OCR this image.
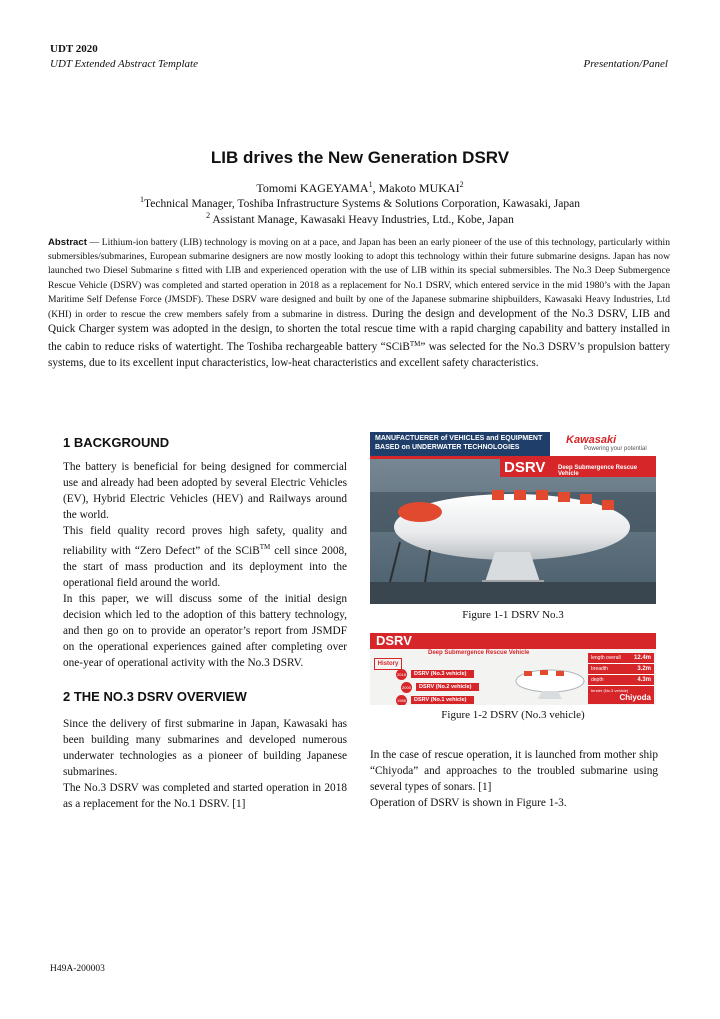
UDT 2020
UDT Extended Abstract Template	Presentation/Panel
LIB drives the New Generation DSRV
Tomomi KAGEYAMA$^1$, Makoto MUKAI$^2$
$^1$Technical Manager, Toshiba Infrastructure Systems & Solutions Corporation, Kawasaki, Japan
$^2$ Assistant Manage, Kawasaki Heavy Industries, Ltd., Kobe, Japan
Abstract — Lithium-ion battery (LIB) technology is moving on at a pace, and Japan has been an early pioneer of the use of this technology, particularly within submersibles/submarines, European submarine designers are now mostly looking to adopt this technology within their future submarine designs. Japan has now launched two Diesel Submarine s fitted with LIB and experienced operation with the use of LIB within its special submersibles. The No.3 Deep Submergence Rescue Vehicle (DSRV) was completed and started operation in 2018 as a replacement for No.1 DSRV, which entered service in the mid 1980’s with the Japan Maritime Self Defense Force (JMSDF). These DSRV ware designed and built by one of the Japanese submarine shipbuilders, Kawasaki Heavy Industries, Ltd (KHI) in order to rescue the crew members safely from a submarine in distress. During the design and development of the No.3 DSRV, LIB and Quick Charger system was adopted in the design, to shorten the total rescue time with a rapid charging capability and battery installed in the cabin to reduce risks of watertight. The Toshiba rechargeable battery “SCiB™” was selected for the No.3 DSRV’s propulsion battery systems, due to its excellent input characteristics, low-heat characteristics and excellent safety characteristics.
1 BACKGROUND

The battery is beneficial for being designed for commercial use and already had been adopted by several Electric Vehicles (EV), Hybrid Electric Vehicles (HEV) and Railways around the world.

This field quality record proves high safety, quality and reliability with “Zero Defect” of the SCiB™ cell since 2008, the start of mass production and its deployment into the operational field around the world.

In this paper, we will discuss some of the initial design decision which led to the adoption of this battery technology, and then go on to provide an operator’s report from JSMDF on the operational experiences gained after completing over one-year of operational activity with the No.3 DSRV.

2 THE NO.3 DSRV OVERVIEW

Since the delivery of first submarine in Japan, Kawasaki has been building many submarines and developed numerous underwater technologies as a pioneer of building Japanese submarines.

The No.3 DSRV was completed and started operation in 2018 as a replacement for the No.1 DSRV. [1]

In the case of rescue operation, it is launched from mother ship “Chiyoda” and approaches to the troubled submarine using several types of sonars. [1]

Operation of DSRV is shown in Figure 1-3.

MANUFACTUERER of VEHICLES and EQUIPMENT BASED on UNDERWATER TECHNOLOGIES
Kawasaki
Powering your potential
DSRV Deep Submergence Rescue Vehicle
Figure 1-1 DSRV No.3
DSRV
Deep Submergence Rescue Vehicle
History
2018 DSRV (No.3 vehicle)
2000 DSRV (No.2 vehicle)
1985 DSRV (No.1 vehicle)
length overall 12.4m
breadth	3.2m
depth	4.3m
tender (No.3 vehicle)
Chiyoda
Figure 1-2 DSRV (No.3 vehicle)
H49A-200003
